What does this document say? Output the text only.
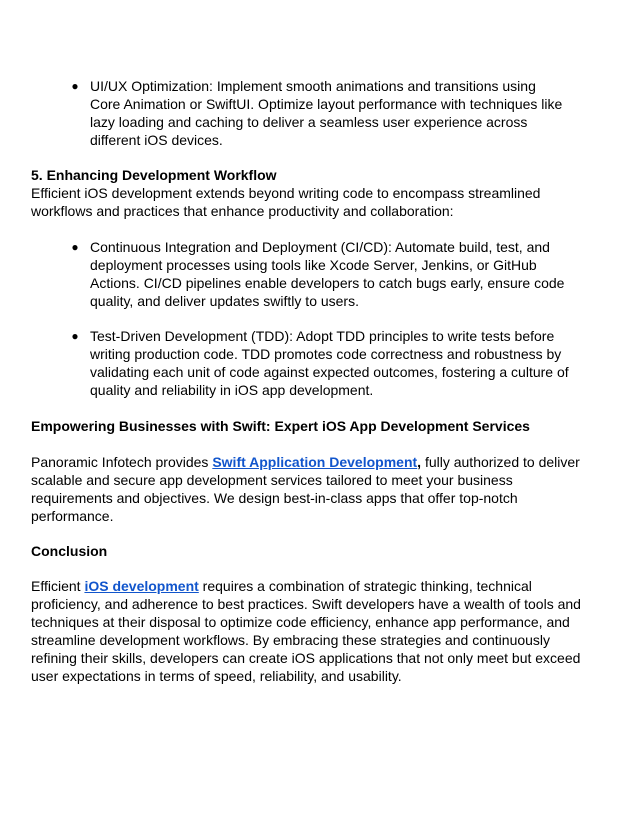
● UI/UX Optimization: Implement smooth animations and transitions using Core Animation or SwiftUI. Optimize layout performance with techniques like lazy loading and caching to deliver a seamless user experience across different iOS devices.
5. Enhancing Development Workflow
Efficient iOS development extends beyond writing code to encompass streamlined workflows and practices that enhance productivity and collaboration:
● Continuous Integration and Deployment (CI/CD): Automate build, test, and deployment processes using tools like Xcode Server, Jenkins, or GitHub Actions. CI/CD pipelines enable developers to catch bugs early, ensure code quality, and deliver updates swiftly to users.
● Test-Driven Development (TDD): Adopt TDD principles to write tests before writing production code. TDD promotes code correctness and robustness by validating each unit of code against expected outcomes, fostering a culture of quality and reliability in iOS app development.
Empowering Businesses with Swift: Expert iOS App Development Services
Panoramic Infotech provides Swift Application Development, fully authorized to deliver scalable and secure app development services tailored to meet your business requirements and objectives. We design best-in-class apps that offer top-notch performance.
Conclusion
Efficient iOS development requires a combination of strategic thinking, technical proficiency, and adherence to best practices. Swift developers have a wealth of tools and techniques at their disposal to optimize code efficiency, enhance app performance, and streamline development workflows. By embracing these strategies and continuously refining their skills, developers can create iOS applications that not only meet but exceed user expectations in terms of speed, reliability, and usability.
